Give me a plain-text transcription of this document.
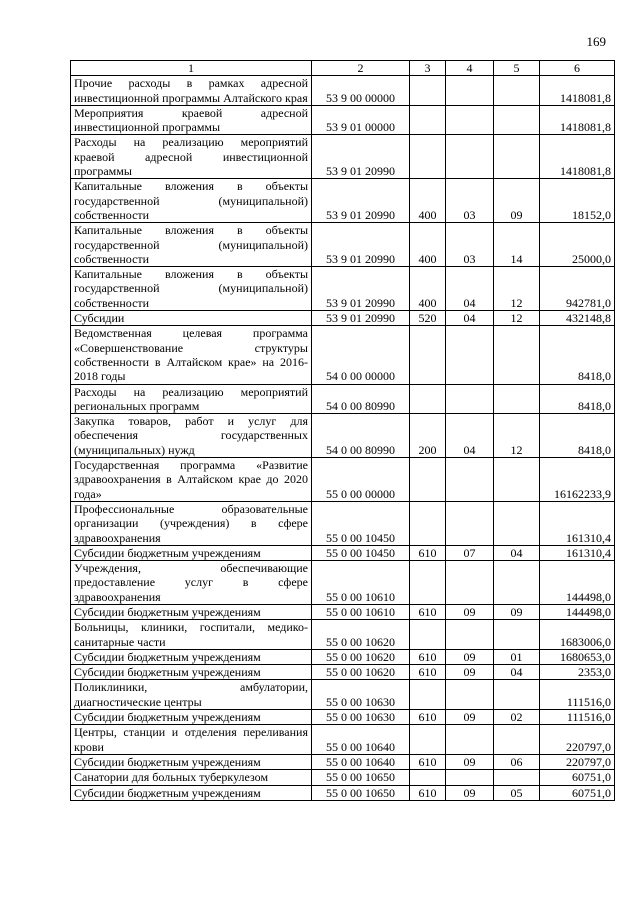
169
1	2	3	4	5	6
Прочие расходы в рамках адресной инвестиционной программы Алтайского края	53 9 00 00000				1418081,8
Мероприятия краевой адресной инвестиционной программы	53 9 01 00000				1418081,8
Расходы на реализацию мероприятий краевой адресной инвестиционной программы	53 9 01 20990				1418081,8
Капитальные вложения в объекты государственной (муниципальной) собственности	53 9 01 20990	400	03	09	18152,0
Капитальные вложения в объекты государственной (муниципальной) собственности	53 9 01 20990	400	03	14	25000,0
Капитальные вложения в объекты государственной (муниципальной) собственности	53 9 01 20990	400	04	12	942781,0
Субсидии	53 9 01 20990	520	04	12	432148,8
Ведомственная целевая программа «Совершенствование структуры собственности в Алтайском крае» на 2016-2018 годы	54 0 00 00000				8418,0
Расходы на реализацию мероприятий региональных программ	54 0 00 80990				8418,0
Закупка товаров, работ и услуг для обеспечения государственных (муниципальных) нужд	54 0 00 80990	200	04	12	8418,0
Государственная программа «Развитие здравоохранения в Алтайском крае до 2020 года»	55 0 00 00000				16162233,9
Профессиональные образовательные организации (учреждения) в сфере здравоохранения	55 0 00 10450				161310,4
Субсидии бюджетным учреждениям	55 0 00 10450	610	07	04	161310,4
Учреждения, обеспечивающие предоставление услуг в сфере здравоохранения	55 0 00 10610				144498,0
Субсидии бюджетным учреждениям	55 0 00 10610	610	09	09	144498,0
Больницы, клиники, госпитали, медико-санитарные части	55 0 00 10620				1683006,0
Субсидии бюджетным учреждениям	55 0 00 10620	610	09	01	1680653,0
Субсидии бюджетным учреждениям	55 0 00 10620	610	09	04	2353,0
Поликлиники, амбулатории, диагностические центры	55 0 00 10630				111516,0
Субсидии бюджетным учреждениям	55 0 00 10630	610	09	02	111516,0
Центры, станции и отделения переливания крови	55 0 00 10640				220797,0
Субсидии бюджетным учреждениям	55 0 00 10640	610	09	06	220797,0
Санатории для больных туберкулезом	55 0 00 10650				60751,0
Субсидии бюджетным учреждениям	55 0 00 10650	610	09	05	60751,0
